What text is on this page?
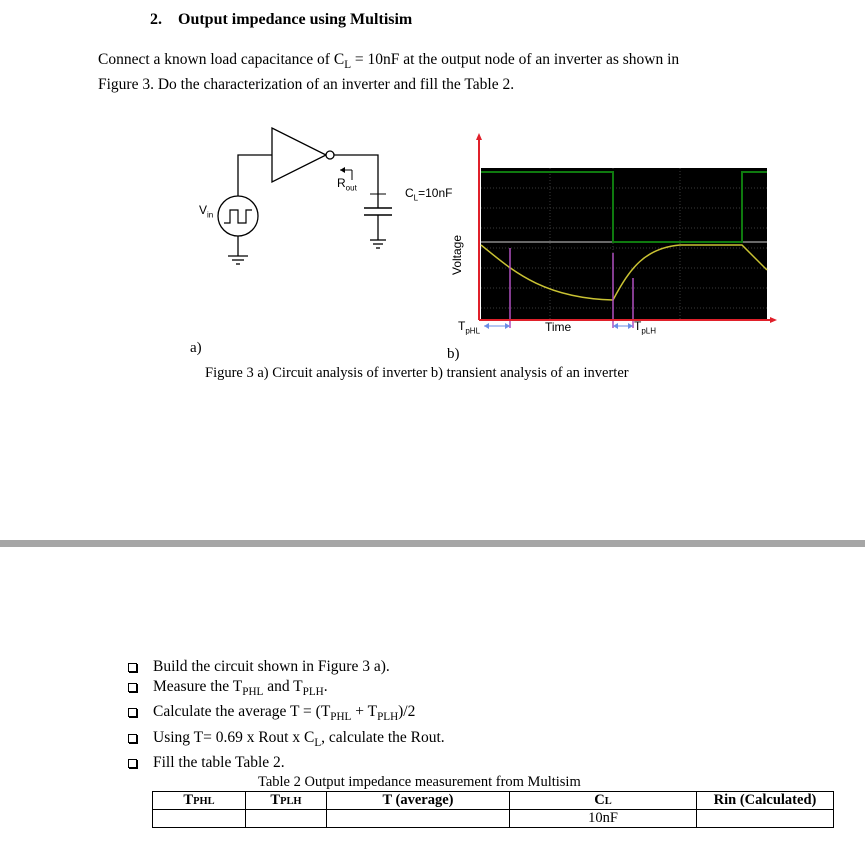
2. Output impedance using Multisim
Connect a known load capacitance of $C_L = 10nF$ at the output node of an inverter as shown in
Figure 3. Do the characterization of an inverter and fill the Table 2.
$V_{in}$
$R_{out}$	$C_L=10nF$
a)
Voltage
Time
$T_{pHL}$	$T_{pLH}$
b)
Figure 3 a) Circuit analysis of inverter b) transient analysis of an inverter
Build the circuit shown in Figure 3 a).
Measure the $T_{PHL}$ and $T_{PLH}$.
Calculate the average $T = (T_{PHL} + T_{PLH})/2$
Using T= 0.69 x Rout x $C_L$, calculate the Rout.
Fill the table Table 2.
Table 2 Output impedance measurement from Multisim
TPHL	TPLH	T (average)	CL	Rin (Calculated)
			10nF	
